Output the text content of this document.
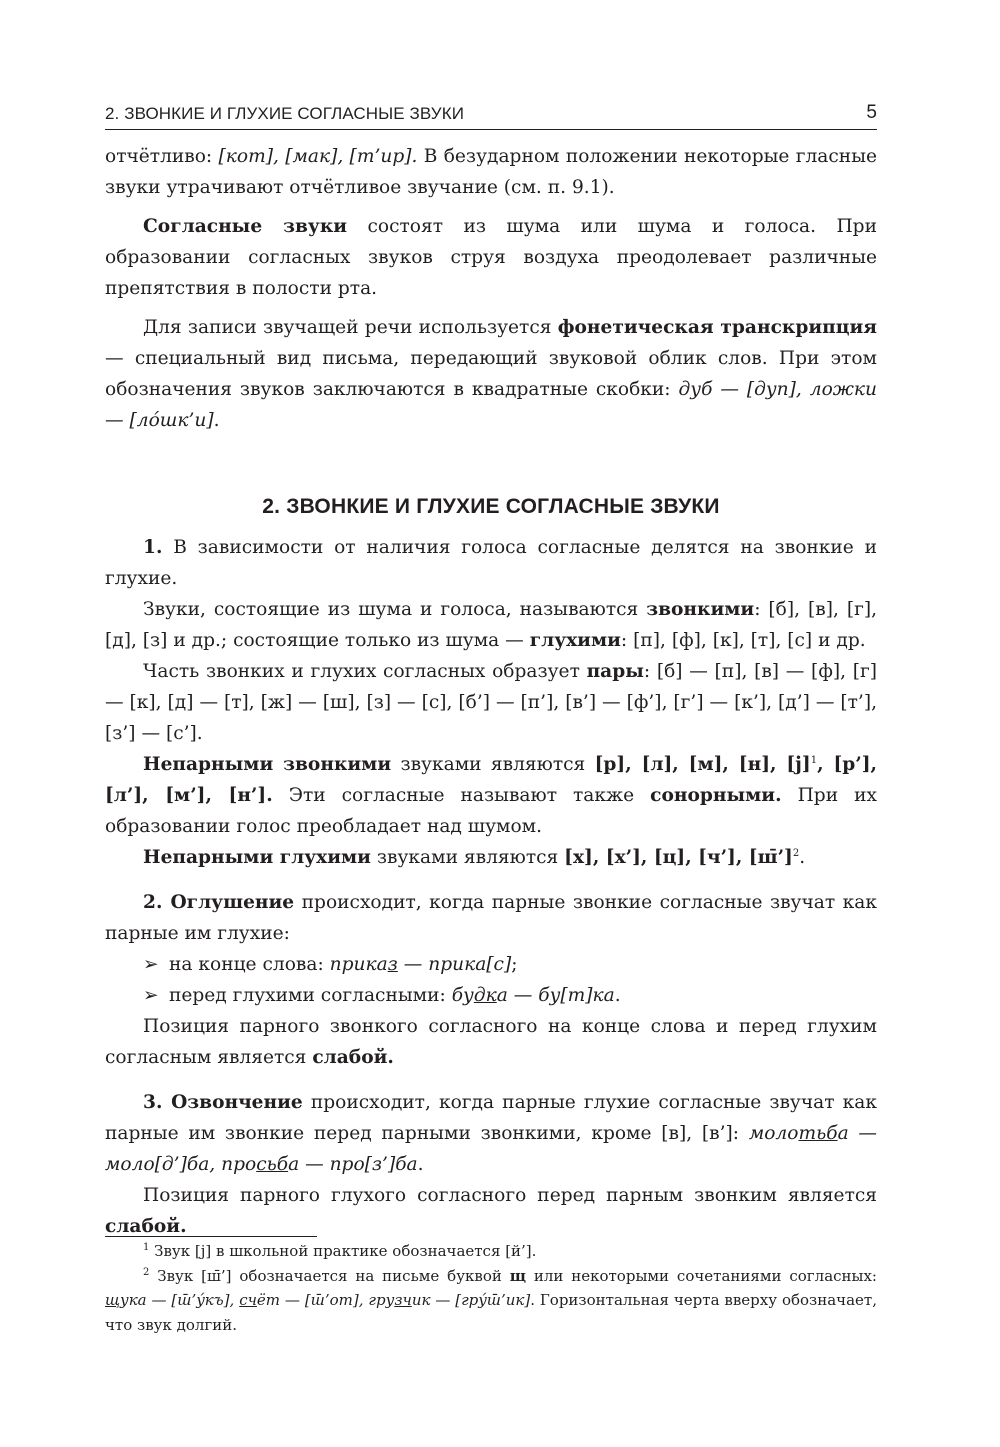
2. ЗВОНКИЕ И ГЛУХИЕ СОГЛАСНЫЕ ЗВУКИ	5

отчётливо: [кот], [мак], [т’ир]. В безударном положении некоторые гласные звуки утрачивают отчётливое звучание (см. п. 9.1).

Согласные звуки состоят из шума или шума и голоса. При образовании согласных звуков струя воздуха преодолевает различные препятствия в полости рта.

Для записи звучащей речи используется фонетическая транскрипция — специальный вид письма, передающий звуковой облик слов. При этом обозначения звуков заключаются в квадратные скобки: дуб — [дуп], ложки — [лóшк’и].

2. ЗВОНКИЕ И ГЛУХИЕ СОГЛАСНЫЕ ЗВУКИ

1. В зависимости от наличия голоса согласные делятся на звонкие и глухие.

Звуки, состоящие из шума и голоса, называются звонкими: [б], [в], [г], [д], [з] и др.; состоящие только из шума — глухими: [п], [ф], [к], [т], [с] и др.

Часть звонких и глухих согласных образует пары: [б] — [п], [в] — [ф], [г] — [к], [д] — [т], [ж] — [ш], [з] — [с], [б’] — [п’], [в’] — [ф’], [г’] — [к’], [д’] — [т’], [з’] — [с’].

Непарными звонкими звуками являются [р], [л], [м], [н], $[j]^1$, [р’], [л’], [м’], [н’]. Эти согласные называют также сонорными. При их образовании голос преобладает над шумом.

Непарными глухими звуками являются [х], [х’], [ц], [ч’], [ш̄’]$^2$.

2. Оглушение происходит, когда парные звонкие согласные звучат как парные им глухие:

➢ на конце слова: приказ — прика[с];

➢ перед глухими согласными: будка — бу[т]ка.

Позиция парного звонкого согласного на конце слова и перед глухим согласным является слабой.

3. Озвончение происходит, когда парные глухие согласные звучат как парные им звонкие перед парными звонкими, кроме [в], [в’]: молотьба — моло[д’]ба, просьба — про[з’]ба.

Позиция парного глухого согласного перед парным звонким является слабой.

$^1$ Звук [j] в школьной практике обозначается [й’].

$^2$ Звук [ш̄’] обозначается на письме буквой щ или некоторыми сочетаниями согласных: щука — [ш̄’ýкъ], счёт — [ш̄’от], грузчик — [грýш̄’ик]. Горизонтальная черта вверху обозначает, что звук долгий.
